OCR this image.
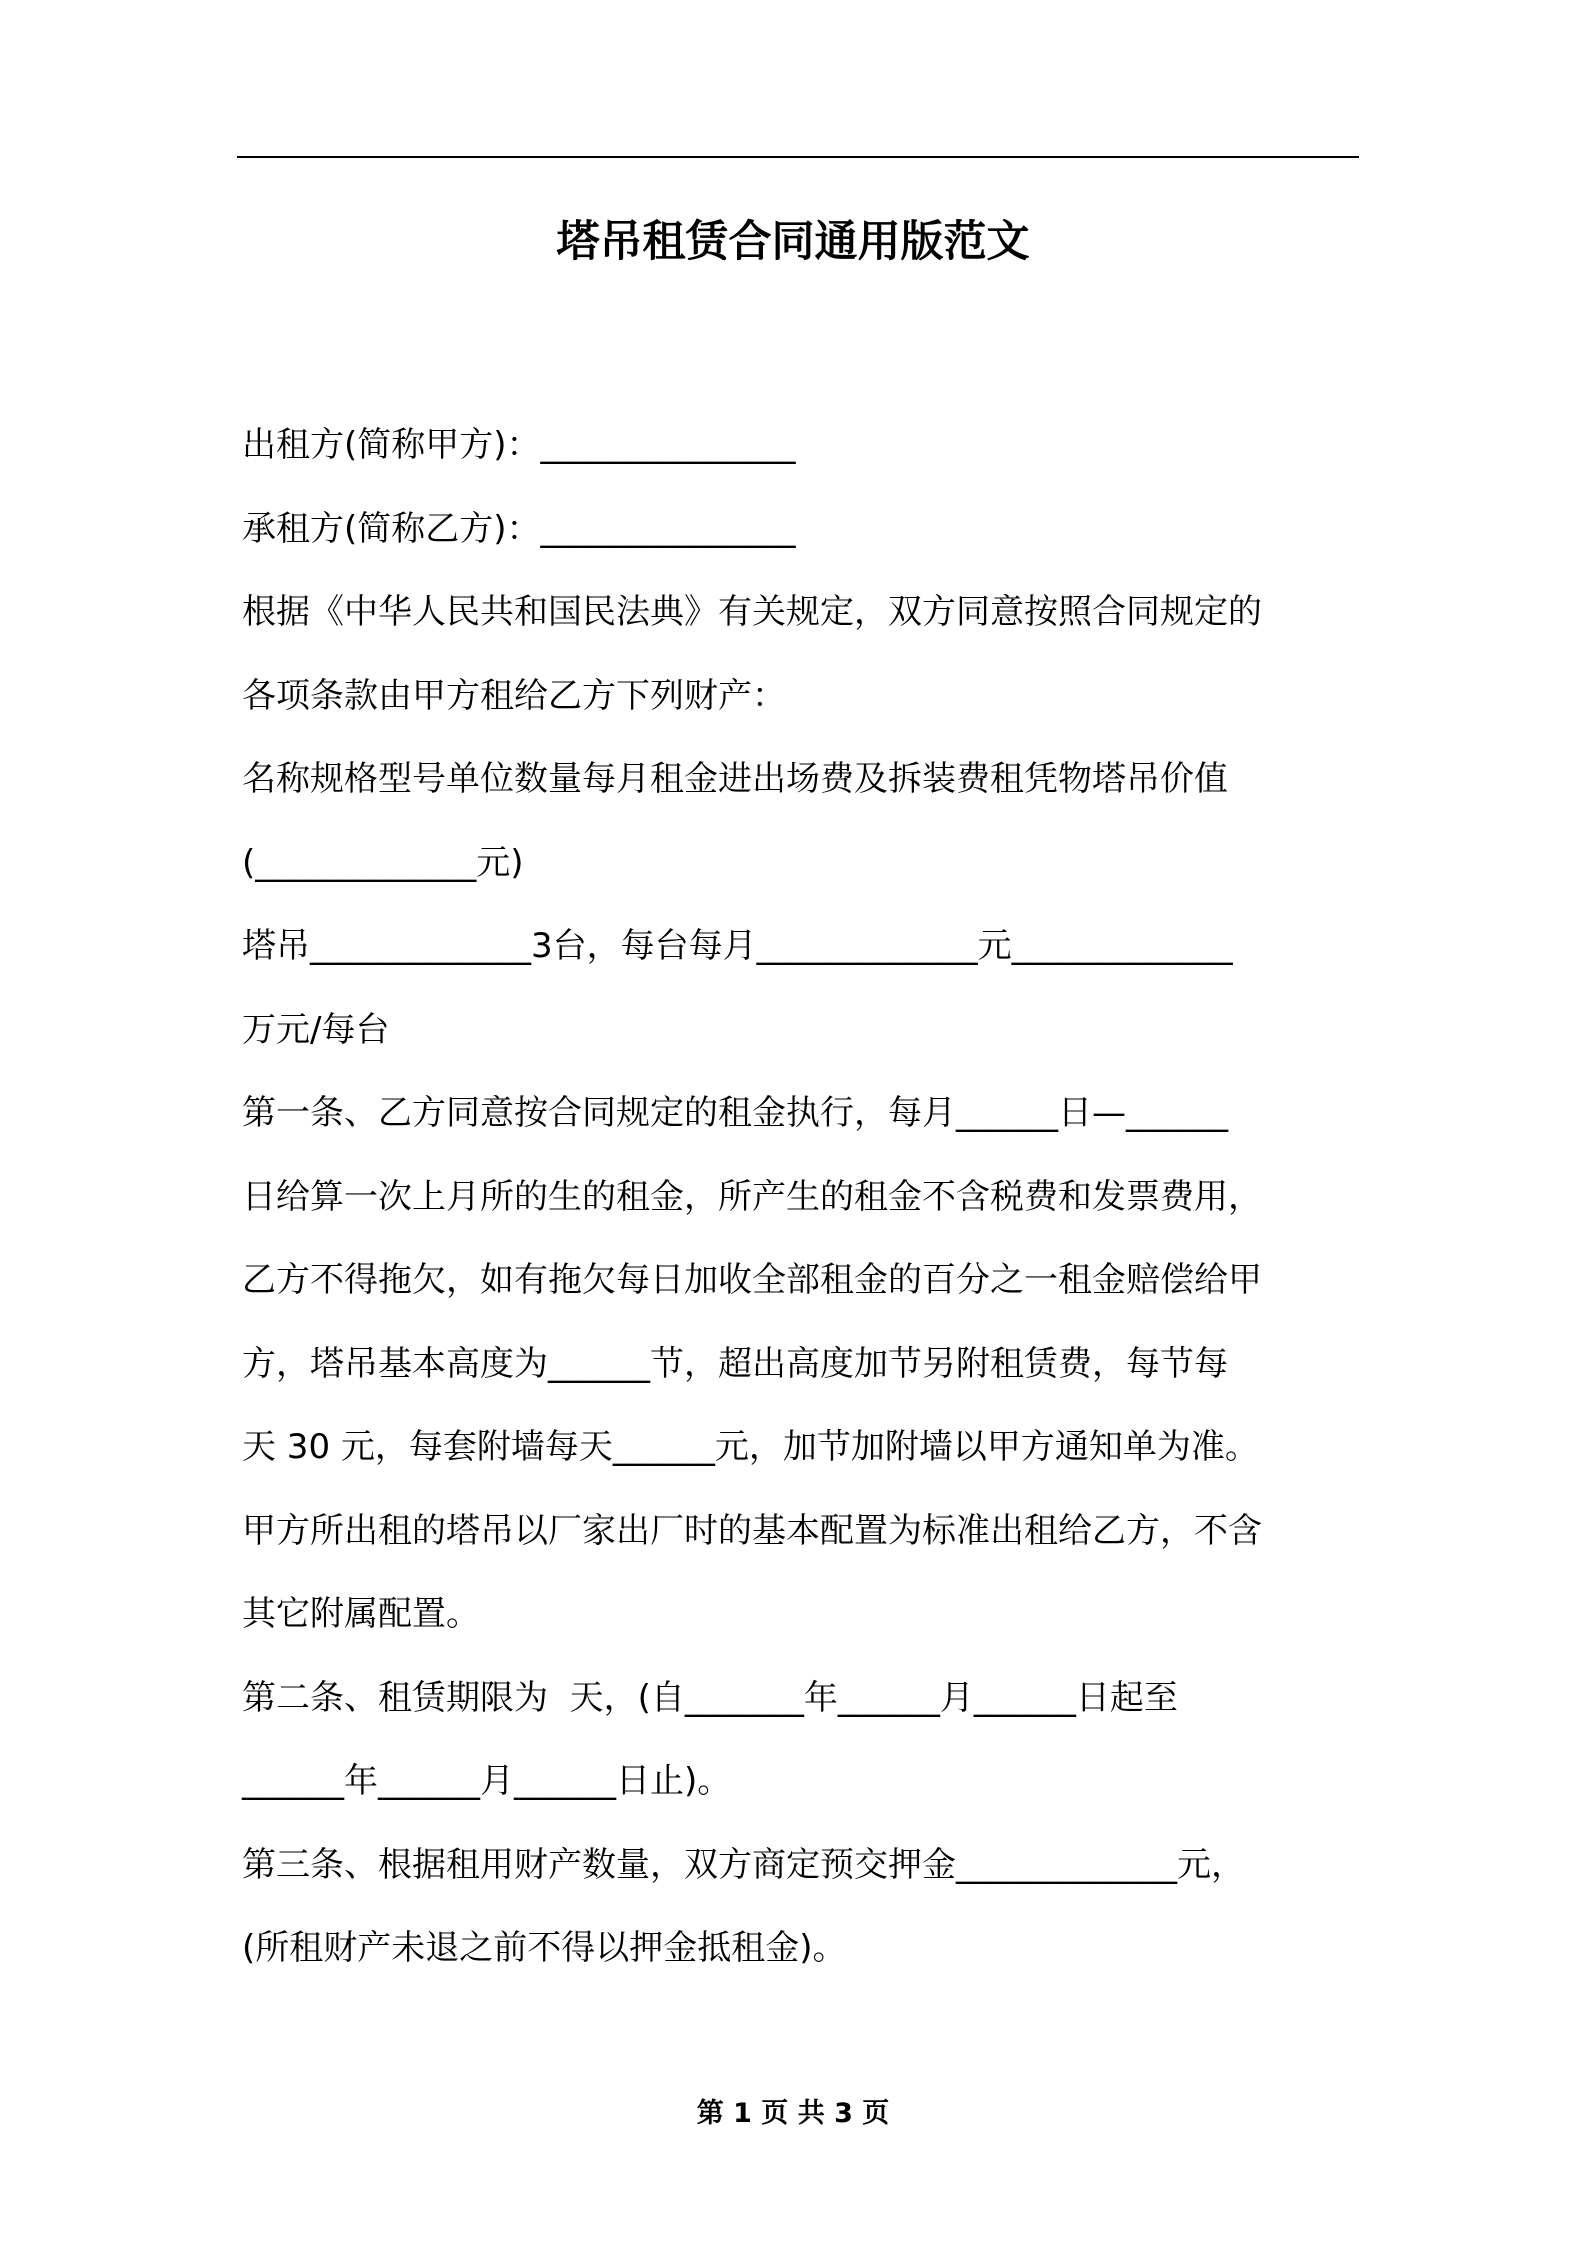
塔吊租赁合同通用版范文
出租方(简称甲方)：_______________
承租方(简称乙方)：_______________
根据《中华人民共和国民法典》有关规定，双方同意按照合同规定的
各项条款由甲方租给乙方下列财产：
名称规格型号单位数量每月租金进出场费及拆装费租凭物塔吊价值
(_____________元)
塔吊_____________3台，每台每月_____________元_____________
万元/每台
第一条、乙方同意按合同规定的租金执行，每月______日—______
日给算一次上月所的生的租金，所产生的租金不含税费和发票费用，
乙方不得拖欠，如有拖欠每日加收全部租金的百分之一租金赔偿给甲
方，塔吊基本高度为______节，超出高度加节另附租赁费，每节每
天 30 元，每套附墙每天______元，加节加附墙以甲方通知单为准。
甲方所出租的塔吊以厂家出厂时的基本配置为标准出租给乙方，不含
其它附属配置。
第二条、租赁期限为  天，(自_______年______月______日起至
______年______月______日止)。
第三条、根据租用财产数量，双方商定预交押金_____________元，
(所租财产未退之前不得以押金抵租金)。
第 1 页 共 3 页
